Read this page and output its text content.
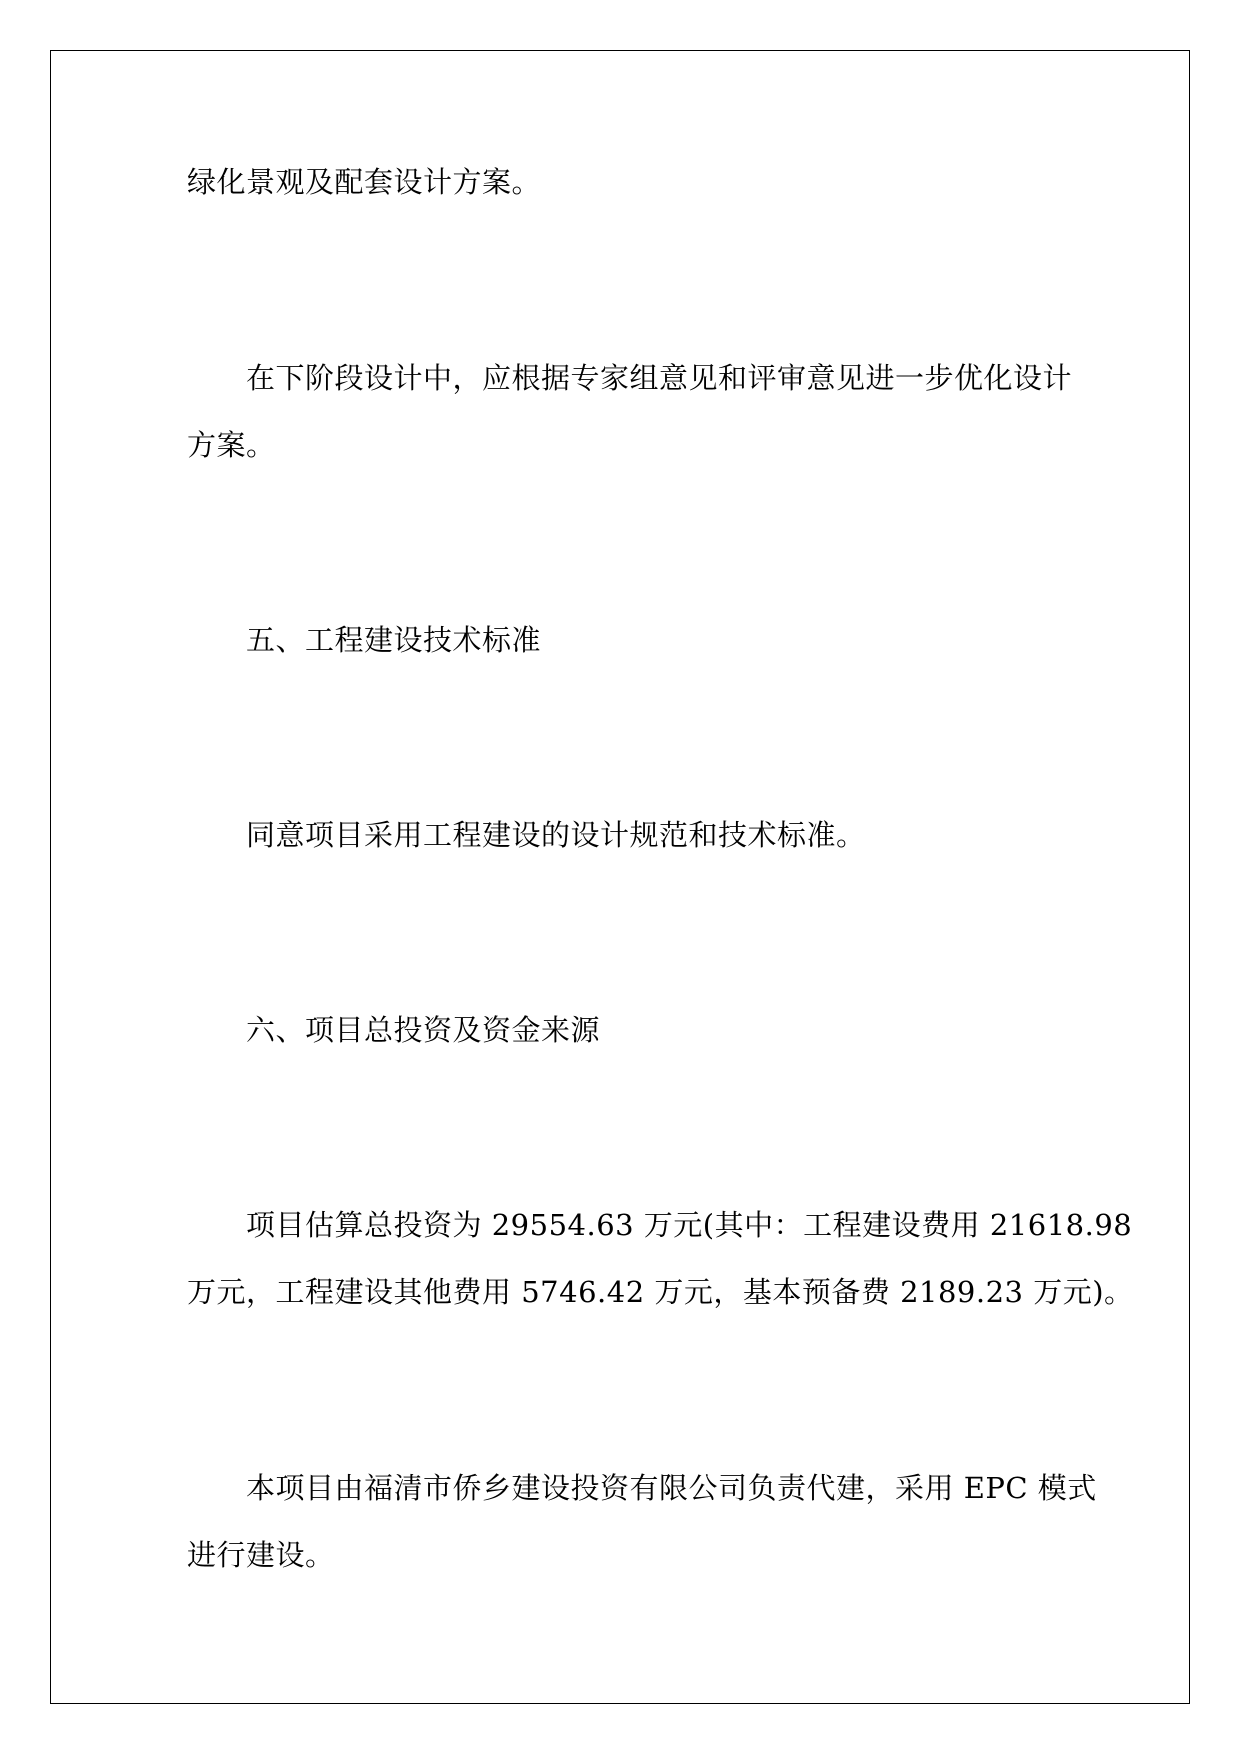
绿化景观及配套设计方案。
在下阶段设计中，应根据专家组意见和评审意见进一步优化设计
方案。
五、工程建设技术标准
同意项目采用工程建设的设计规范和技术标准。
六、项目总投资及资金来源
项目估算总投资为 29554.63 万元(其中：工程建设费用 21618.98
万元，工程建设其他费用 5746.42 万元，基本预备费 2189.23 万元)。
本项目由福清市侨乡建设投资有限公司负责代建，采用 EPC 模式
进行建设。
